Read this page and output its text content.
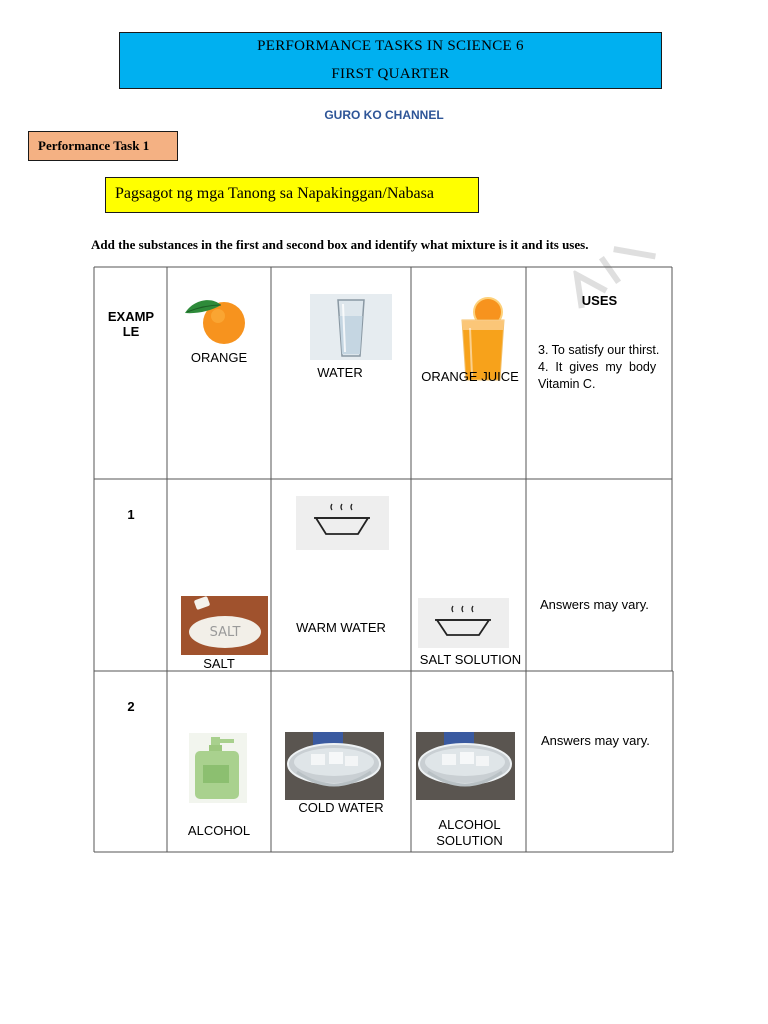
PERFORMANCE TASKS IN SCIENCE 6
FIRST QUARTER
GURO KO CHANNEL
Performance Task 1
Pagsagot ng mga Tanong sa Napakinggan/Nabasa
Add the substances in the first and second box and identify what mixture is it and its uses.
EXAMP
LE
ORANGE
WATER	ORANGE JUICE
USES
3. To satisfy our thirst.
4.  It  gives  my  body
Vitamin C.
1
SALT
SALT
WARM WATER
SALT SOLUTION
Answers may vary.
2
ALCOHOL
COLD WATER
ALCOHOL
SOLUTION
Answers may vary.
